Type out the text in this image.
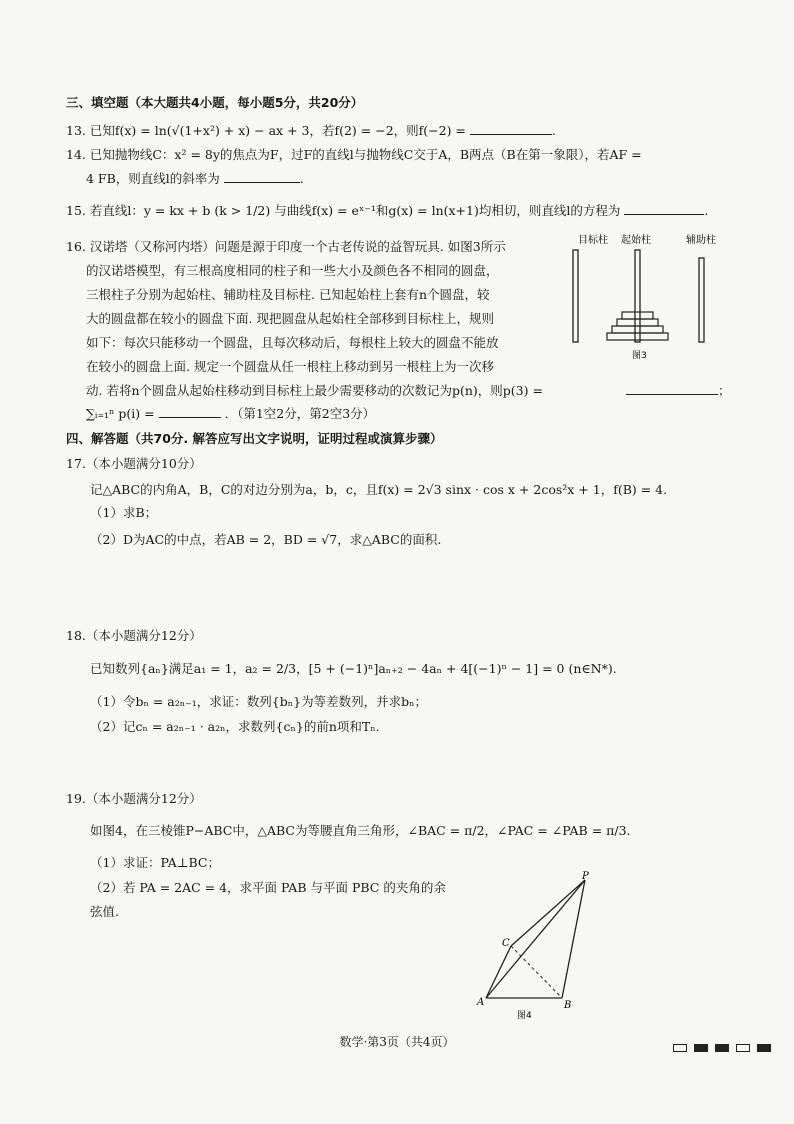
三、填空题（本大题共4小题，每小题5分，共20分）
13. 已知f(x) = ln(√(1+x²) + x) − ax + 3，若f(2) = −2，则f(−2) =	.
14. 已知抛物线C：x² = 8y的焦点为F，过F的直线l与抛物线C交于A，B两点（B在第一象限），若AF =
4 FB，则直线l的斜率为	.
15. 若直线l：y = kx + b (k > 1/2) 与曲线f(x) = eˣ⁻¹和g(x) = ln(x+1)均相切，则直线l的方程为	.
16. 汉诺塔（又称河内塔）问题是源于印度一个古老传说的益智玩具. 如图3所示
的汉诺塔模型，有三根高度相同的柱子和一些大小及颜色各不相同的圆盘，
三根柱子分别为起始柱、辅助柱及目标柱. 已知起始柱上套有n个圆盘，较
大的圆盘都在较小的圆盘下面. 现把圆盘从起始柱全部移到目标柱上，规则
如下：每次只能移动一个圆盘，且每次移动后，每根柱上较大的圆盘不能放
在较小的圆盘上面. 规定一个圆盘从任一根柱上移动到另一根柱上为一次移
动. 若将n个圆盘从起始柱移动到目标柱上最少需要移动的次数记为p(n)，则p(3) =	；
∑ᵢ₌₁ⁿ p(i) =	．（第1空2分，第2空3分）
目标柱 起始柱	辅助柱
图3
四、解答题（共70分. 解答应写出文字说明，证明过程或演算步骤）
17.（本小题满分10分）
记△ABC的内角A，B，C的对边分别为a，b，c，且f(x) = 2√3 sinx · cos x + 2cos²x + 1，f(B) = 4.
（1）求B；
（2）D为AC的中点，若AB = 2，BD = √7，求△ABC的面积.
18.（本小题满分12分）
已知数列{aₙ}满足a₁ = 1，a₂ = 2/3，[5 + (−1)ⁿ]aₙ₊₂ − 4aₙ + 4[(−1)ⁿ − 1] = 0 (n∈N*).
（1）令bₙ = a₂ₙ₋₁，求证：数列{bₙ}为等差数列，并求bₙ；
（2）记cₙ = a₂ₙ₋₁ · a₂ₙ，求数列{cₙ}的前n项和Tₙ.
19.（本小题满分12分）
如图4，在三棱锥P−ABC中，△ABC为等腰直角三角形，∠BAC = π/2，∠PAC = ∠PAB = π/3.
（1）求证：PA⊥BC；
（2）若 PA = 2AC = 4，求平面 PAB 与平面 PBC 的夹角的余
弦值.
P
A	B
C
图4
数学·第3页（共4页）
